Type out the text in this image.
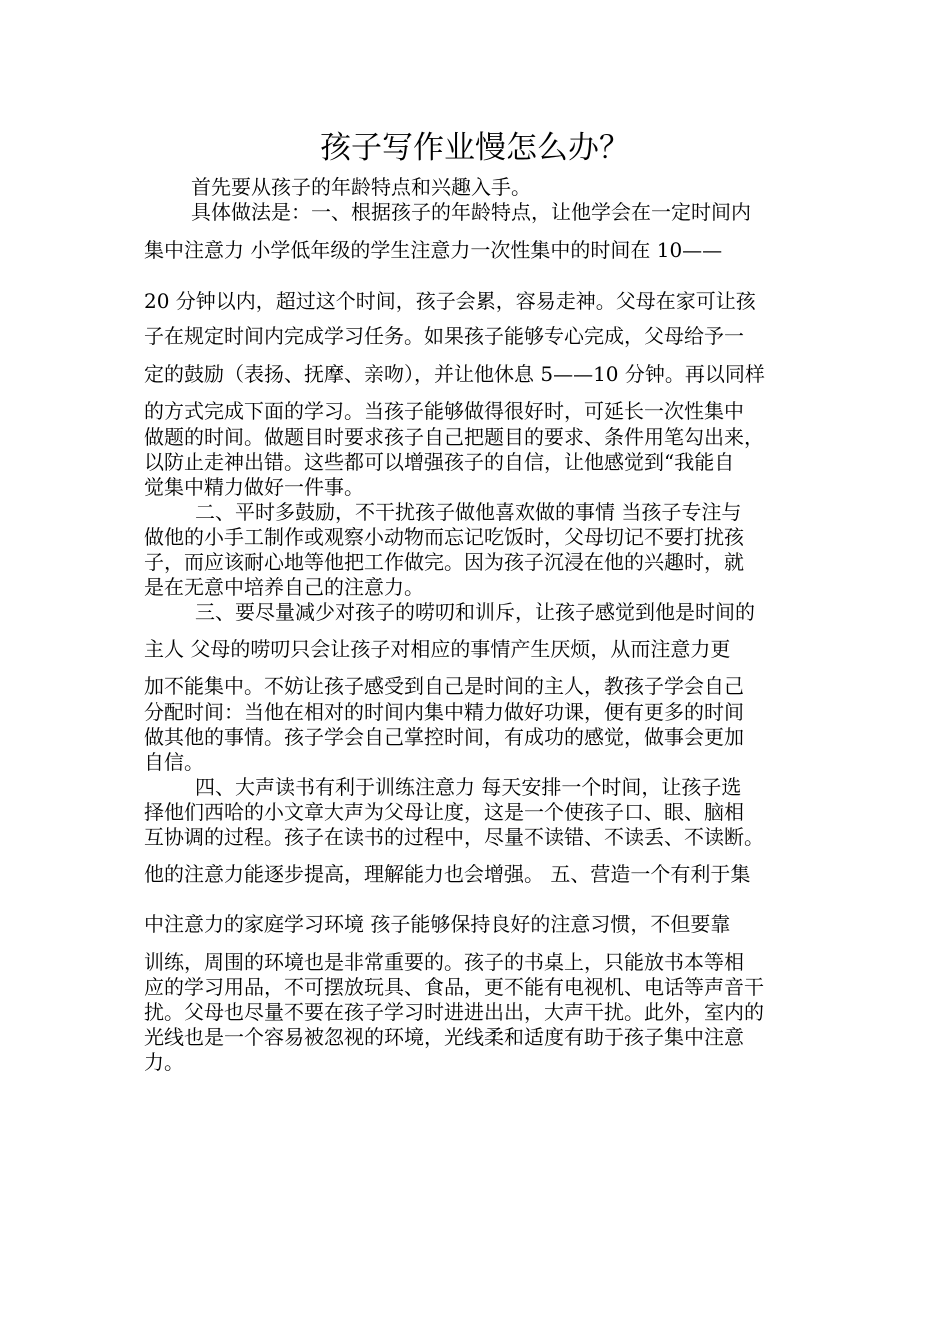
孩子写作业慢怎么办？
首先要从孩子的年龄特点和兴趣入手。
具体做法是：一、根据孩子的年龄特点，让他学会在一定时间内
集中注意力 小学低年级的学生注意力一次性集中的时间在 10——
20 分钟以内，超过这个时间，孩子会累，容易走神。父母在家可让孩
子在规定时间内完成学习任务。如果孩子能够专心完成，父母给予一
定的鼓励（表扬、抚摩、亲吻），并让他休息 5——10 分钟。再以同样
的方式完成下面的学习。当孩子能够做得很好时，可延长一次性集中
做题的时间。做题目时要求孩子自己把题目的要求、条件用笔勾出来，
以防止走神出错。这些都可以增强孩子的自信，让他感觉到“我能自
觉集中精力做好一件事。
二、平时多鼓励，不干扰孩子做他喜欢做的事情 当孩子专注与
做他的小手工制作或观察小动物而忘记吃饭时，父母切记不要打扰孩
子，而应该耐心地等他把工作做完。因为孩子沉浸在他的兴趣时，就
是在无意中培养自己的注意力。
三、要尽量减少对孩子的唠叨和训斥，让孩子感觉到他是时间的
主人 父母的唠叨只会让孩子对相应的事情产生厌烦，从而注意力更
加不能集中。不妨让孩子感受到自己是时间的主人，教孩子学会自己
分配时间：当他在相对的时间内集中精力做好功课，便有更多的时间
做其他的事情。孩子学会自己掌控时间，有成功的感觉，做事会更加
自信。
四、大声读书有利于训练注意力 每天安排一个时间，让孩子选
择他们西哈的小文章大声为父母让度，这是一个使孩子口、眼、脑相
互协调的过程。孩子在读书的过程中，尽量不读错、不读丢、不读断。
他的注意力能逐步提高，理解能力也会增强。 五、营造一个有利于集
中注意力的家庭学习环境 孩子能够保持良好的注意习惯，不但要靠
训练，周围的环境也是非常重要的。孩子的书桌上，只能放书本等相
应的学习用品，不可摆放玩具、食品，更不能有电视机、电话等声音干
扰。父母也尽量不要在孩子学习时进进出出，大声干扰。此外，室内的
光线也是一个容易被忽视的环境，光线柔和适度有助于孩子集中注意
力。
